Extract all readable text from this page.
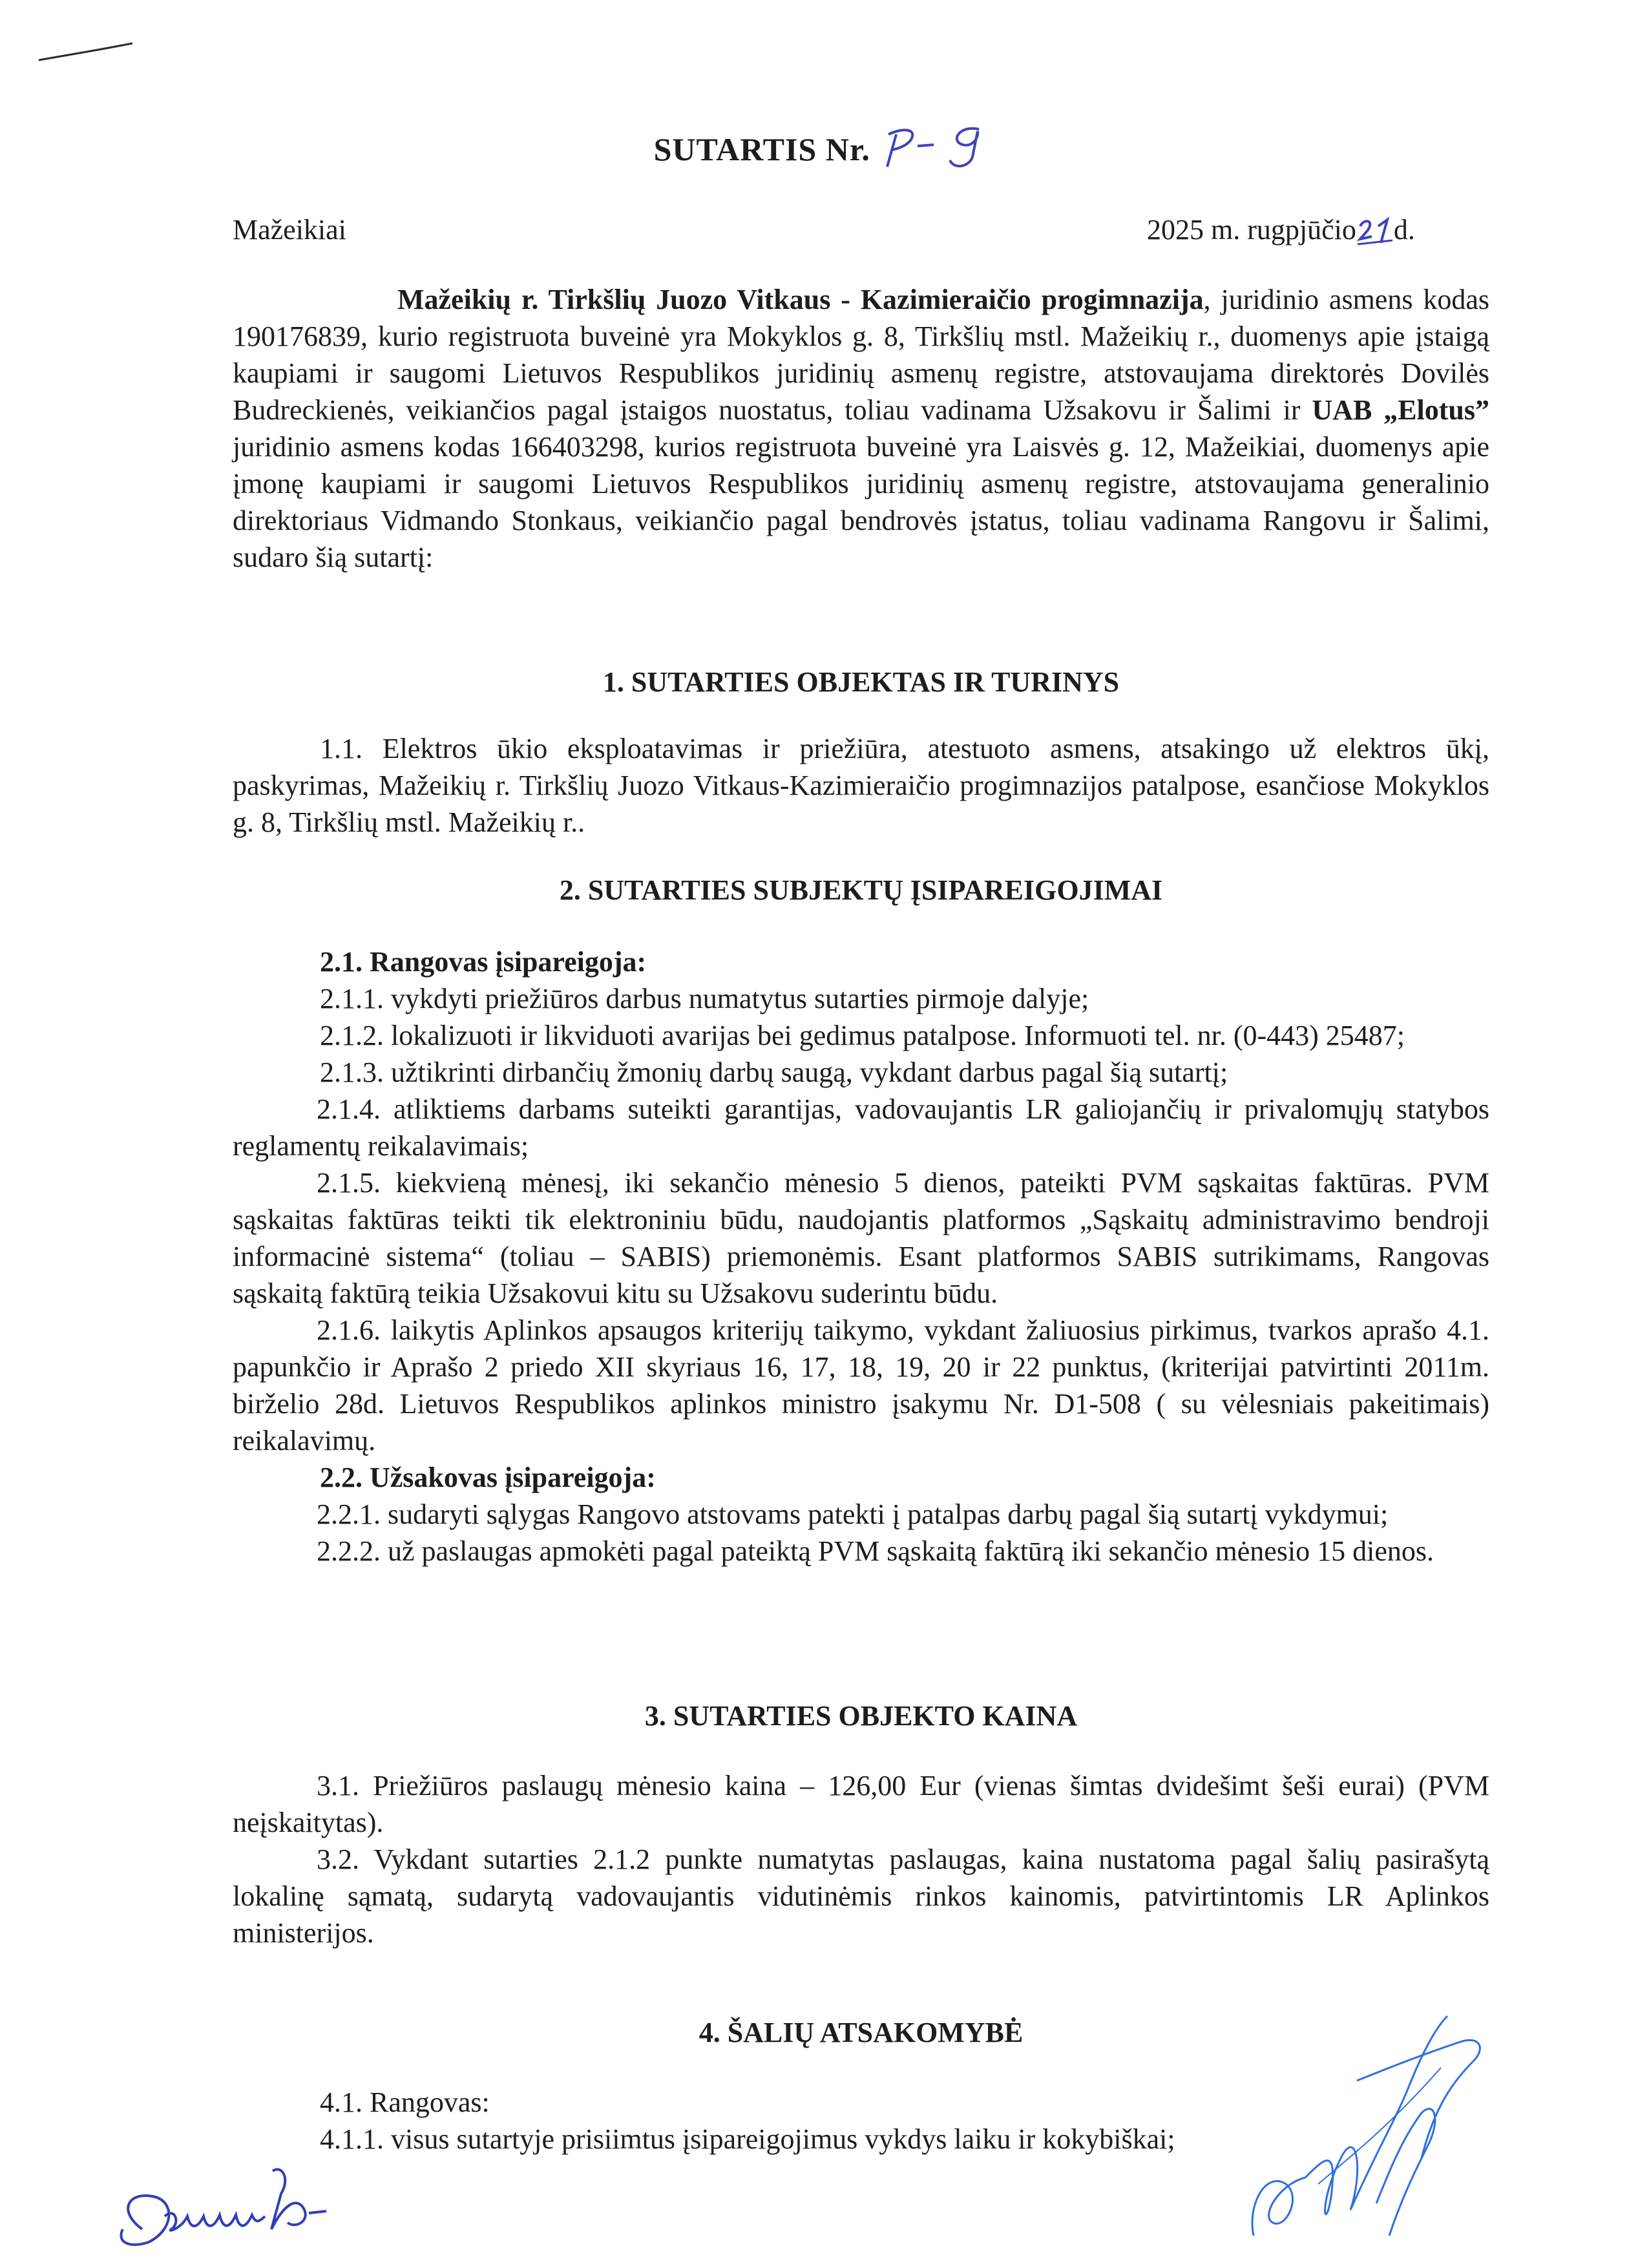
SUTARTIS Nr.
Mažeikiai	2025 m. rugpjūčio d.

Mažeikių r. Tirkšlių Juozo Vitkaus - Kazimieraičio progimnazija, juridinio asmens kodas 190176839, kurio registruota buveinė yra Mokyklos g. 8, Tirkšlių mstl. Mažeikių r., duomenys apie įstaigą kaupiami ir saugomi Lietuvos Respublikos juridinių asmenų registre, atstovaujama direktorės Dovilės Budreckienės, veikiančios pagal įstaigos nuostatus, toliau vadinama Užsakovu ir Šalimi ir UAB „Elotus” juridinio asmens kodas 166403298, kurios registruota buveinė yra Laisvės g. 12, Mažeikiai, duomenys apie įmonę kaupiami ir saugomi Lietuvos Respublikos juridinių asmenų registre, atstovaujama generalinio direktoriaus Vidmando Stonkaus, veikiančio pagal bendrovės įstatus, toliau vadinama Rangovu ir Šalimi, sudaro šią sutartį:

1. SUTARTIES OBJEKTAS IR TURINYS

1.1. Elektros ūkio eksploatavimas ir priežiūra, atestuoto asmens, atsakingo už elektros ūkį, paskyrimas, Mažeikių r. Tirkšlių Juozo Vitkaus-Kazimieraičio progimnazijos patalpose, esančiose Mokyklos g. 8, Tirkšlių mstl. Mažeikių r..

2. SUTARTIES SUBJEKTŲ ĮSIPAREIGOJIMAI

2.1. Rangovas įsipareigoja:

2.1.1. vykdyti priežiūros darbus numatytus sutarties pirmoje dalyje;

2.1.2. lokalizuoti ir likviduoti avarijas bei gedimus patalpose. Informuoti tel. nr. (0-443) 25487;

2.1.3. užtikrinti dirbančių žmonių darbų saugą, vykdant darbus pagal šią sutartį;

2.1.4. atliktiems darbams suteikti garantijas, vadovaujantis LR galiojančių ir privalomųjų statybos reglamentų reikalavimais;

2.1.5. kiekvieną mėnesį, iki sekančio mėnesio 5 dienos, pateikti PVM sąskaitas faktūras. PVM sąskaitas faktūras teikti tik elektroniniu būdu, naudojantis platformos „Sąskaitų administravimo bendroji informacinė sistema“ (toliau – SABIS) priemonėmis. Esant platformos SABIS sutrikimams, Rangovas sąskaitą faktūrą teikia Užsakovui kitu su Užsakovu suderintu būdu.

2.1.6. laikytis Aplinkos apsaugos kriterijų taikymo, vykdant žaliuosius pirkimus, tvarkos aprašo 4.1. papunkčio ir Aprašo 2 priedo XII skyriaus 16, 17, 18, 19, 20 ir 22 punktus, (kriterijai patvirtinti 2011m. birželio 28d. Lietuvos Respublikos aplinkos ministro įsakymu Nr. D1-508 ( su vėlesniais pakeitimais) reikalavimų.

2.2. Užsakovas įsipareigoja:

2.2.1. sudaryti sąlygas Rangovo atstovams patekti į patalpas darbų pagal šią sutartį vykdymui;

2.2.2. už paslaugas apmokėti pagal pateiktą PVM sąskaitą faktūrą iki sekančio mėnesio 15 dienos.

3. SUTARTIES OBJEKTO KAINA

3.1. Priežiūros paslaugų mėnesio kaina – 126,00 Eur (vienas šimtas dvidešimt šeši eurai) (PVM neįskaitytas).

3.2. Vykdant sutarties 2.1.2 punkte numatytas paslaugas, kaina nustatoma pagal šalių pasirašytą lokalinę sąmatą, sudarytą vadovaujantis vidutinėmis rinkos kainomis, patvirtintomis LR Aplinkos ministerijos.

4. ŠALIŲ ATSAKOMYBĖ

4.1. Rangovas:

4.1.1. visus sutartyje prisiimtus įsipareigojimus vykdys laiku ir kokybiškai;
